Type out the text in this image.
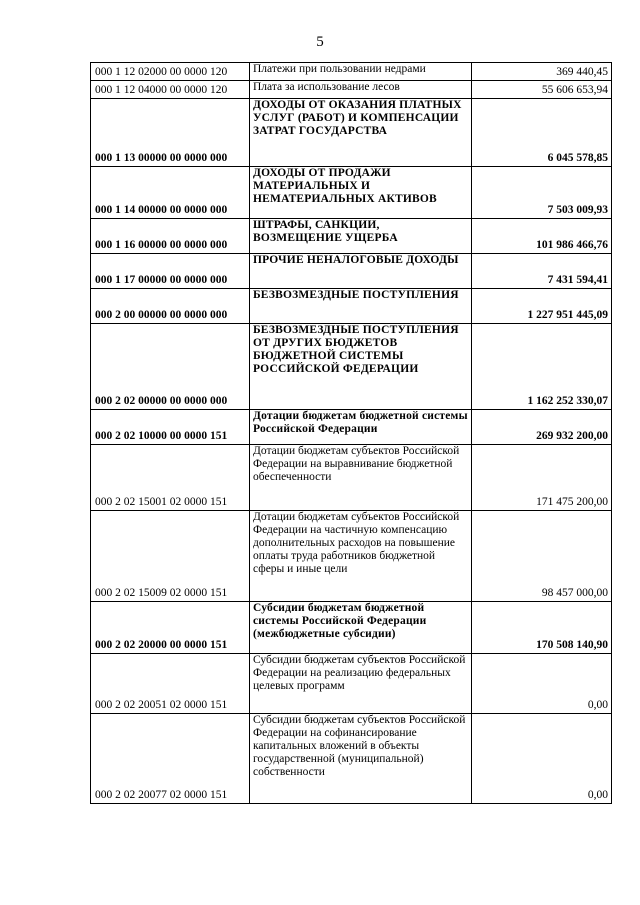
5
000 1 12 02000 00 0000 120	Платежи при пользовании недрами	369 440,45
000 1 12 04000 00 0000 120	Плата за использование лесов	55 606 653,94
000 1 13 00000 00 0000 000	ДОХОДЫ ОТ ОКАЗАНИЯ ПЛАТНЫХ УСЛУГ (РАБОТ) И КОМПЕНСАЦИИ ЗАТРАТ ГОСУДАРСТВА	6 045 578,85
000 1 14 00000 00 0000 000	ДОХОДЫ ОТ ПРОДАЖИ МАТЕРИАЛЬНЫХ И НЕМАТЕРИАЛЬНЫХ АКТИВОВ	7 503 009,93
000 1 16 00000 00 0000 000	ШТРАФЫ, САНКЦИИ, ВОЗМЕЩЕНИЕ УЩЕРБА	101 986 466,76
000 1 17 00000 00 0000 000	ПРОЧИЕ НЕНАЛОГОВЫЕ ДОХОДЫ	7 431 594,41
000 2 00 00000 00 0000 000	БЕЗВОЗМЕЗДНЫЕ ПОСТУПЛЕНИЯ	1 227 951 445,09
000 2 02 00000 00 0000 000	БЕЗВОЗМЕЗДНЫЕ ПОСТУПЛЕНИЯ ОТ ДРУГИХ БЮДЖЕТОВ БЮДЖЕТНОЙ СИСТЕМЫ РОССИЙСКОЙ ФЕДЕРАЦИИ	1 162 252 330,07
000 2 02 10000 00 0000 151	Дотации бюджетам бюджетной системы Российской Федерации	269 932 200,00
000 2 02 15001 02 0000 151	Дотации бюджетам субъектов Российской Федерации на выравнивание бюджетной обеспеченности	171 475 200,00
000 2 02 15009 02 0000 151	Дотации бюджетам субъектов Российской Федерации на частичную компенсацию дополнительных расходов на повышение оплаты труда работников бюджетной сферы и иные цели	98 457 000,00
000 2 02 20000 00 0000 151	Субсидии бюджетам бюджетной системы Российской Федерации (межбюджетные субсидии)	170 508 140,90
000 2 02 20051 02 0000 151	Субсидии бюджетам субъектов Российской Федерации на реализацию федеральных целевых программ	0,00
000 2 02 20077 02 0000 151	Субсидии бюджетам субъектов Российской Федерации на софинансирование капитальных вложений в объекты государственной (муниципальной) собственности	0,00
